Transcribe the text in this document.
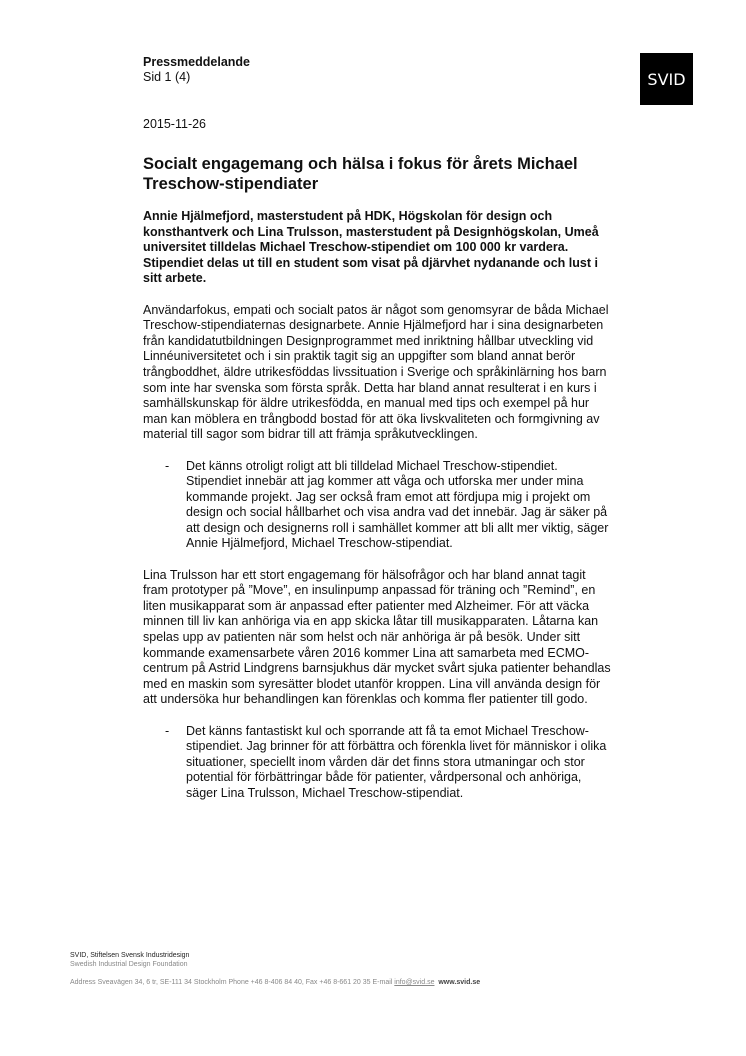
Pressmeddelande
Sid 1 (4)	SVID
2015-11-26
Socialt engagemang och hälsa i fokus för årets Michael Treschow-stipendiater

Annie Hjälmefjord, masterstudent på HDK, Högskolan för design och konsthantverk och Lina Trulsson, masterstudent på Designhögskolan, Umeå universitet tilldelas Michael Treschow-stipendiet om 100 000 kr vardera. Stipendiet delas ut till en student som visat på djärvhet nydanande och lust i sitt arbete.

Användarfokus, empati och socialt patos är något som genomsyrar de båda Michael Treschow-stipendiaternas designarbete. Annie Hjälmefjord har i sina designarbeten från kandidatutbildningen Designprogrammet med inriktning hållbar utveckling vid Linnéuniversitetet och i sin praktik tagit sig an uppgifter som bland annat berör trångboddhet, äldre utrikesföddas livssituation i Sverige och språkinlärning hos barn som inte har svenska som första språk. Detta har bland annat resulterat i en kurs i samhällskunskap för äldre utrikesfödda, en manual med tips och exempel på hur man kan möblera en trångbodd bostad för att öka livskvaliteten och formgivning av material till sagor som bidrar till att främja språkutvecklingen.

-	Det känns otroligt roligt att bli tilldelad Michael Treschow-stipendiet. Stipendiet innebär att jag kommer att våga och utforska mer under mina kommande projekt. Jag ser också fram emot att fördjupa mig i projekt om design och social hållbarhet och visa andra vad det innebär. Jag är säker på att design och designerns roll i samhället kommer att bli allt mer viktig, säger Annie Hjälmefjord, Michael Treschow-stipendiat.

Lina Trulsson har ett stort engagemang för hälsofrågor och har bland annat tagit fram prototyper på ”Move”, en insulinpump anpassad för träning och ”Remind”, en liten musikapparat som är anpassad efter patienter med Alzheimer. För att väcka minnen till liv kan anhöriga via en app skicka låtar till musikapparaten. Låtarna kan spelas upp av patienten när som helst och när anhöriga är på besök. Under sitt kommande examensarbete våren 2016 kommer Lina att samarbeta med ECMO-centrum på Astrid Lindgrens barnsjukhus där mycket svårt sjuka patienter behandlas med en maskin som syresätter blodet utanför kroppen. Lina vill använda design för att undersöka hur behandlingen kan förenklas och komma fler patienter till godo.

-	Det känns fantastiskt kul och sporrande att få ta emot Michael Treschow-stipendiet. Jag brinner för att förbättra och förenkla livet för människor i olika situationer, speciellt inom vården där det finns stora utmaningar och stor potential för förbättringar både för patienter, vårdpersonal och anhöriga, säger Lina Trulsson, Michael Treschow-stipendiat.
SVID, Stiftelsen Svensk Industridesign
Swedish Industrial Design Foundation
Address Sveavägen 34, 6 tr, SE-111 34 Stockholm Phone +46 8-406 84 40, Fax +46 8-661 20 35 E-mail info@svid.se www.svid.se
